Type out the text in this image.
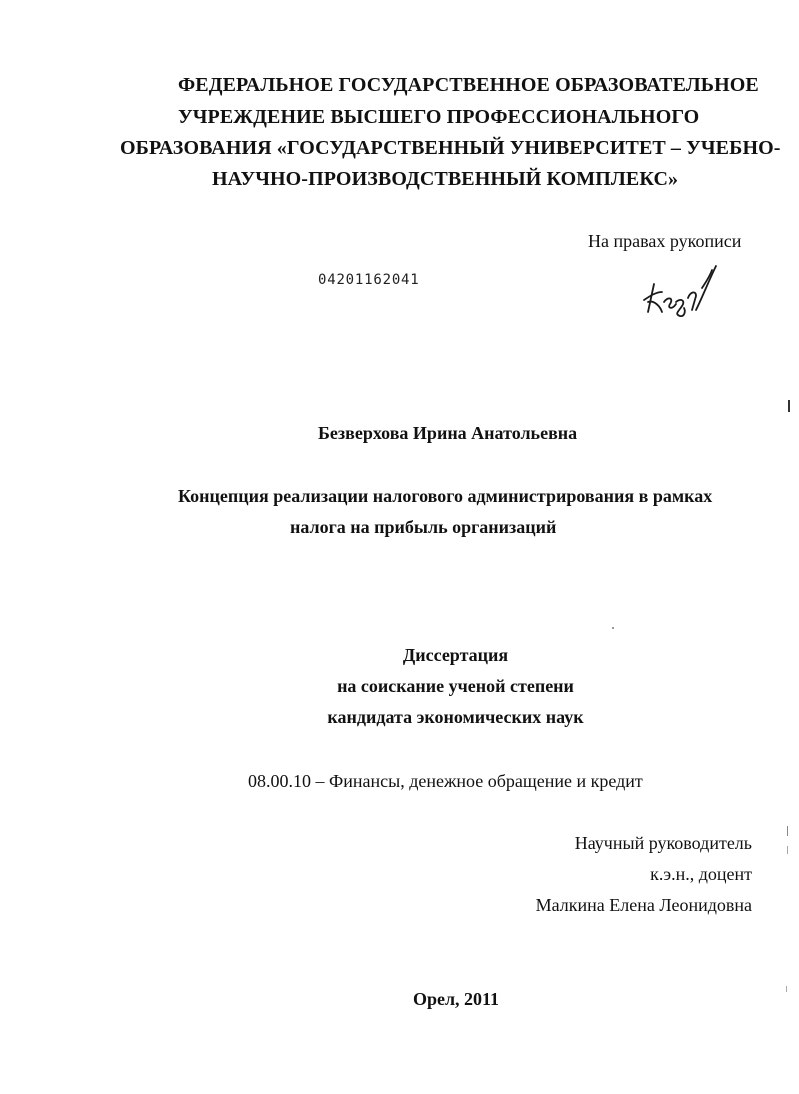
ФЕДЕРАЛЬНОЕ ГОСУДАРСТВЕННОЕ ОБРАЗОВАТЕЛЬНОЕ
УЧРЕЖДЕНИЕ ВЫСШЕГО ПРОФЕССИОНАЛЬНОГО
ОБРАЗОВАНИЯ «ГОСУДАРСТВЕННЫЙ УНИВЕРСИТЕТ – УЧЕБНО-
НАУЧНО-ПРОИЗВОДСТВЕННЫЙ КОМПЛЕКС»
На правах рукописи
04201162041
Безверхова Ирина Анатольевна
Концепция реализации налогового администрирования в рамках
налога на прибыль организаций
Диссертация
на соискание ученой степени
кандидата экономических наук
08.00.10 – Финансы, денежное обращение и кредит
Научный руководитель
к.э.н., доцент
Малкина Елена Леонидовна
Орел, 2011
